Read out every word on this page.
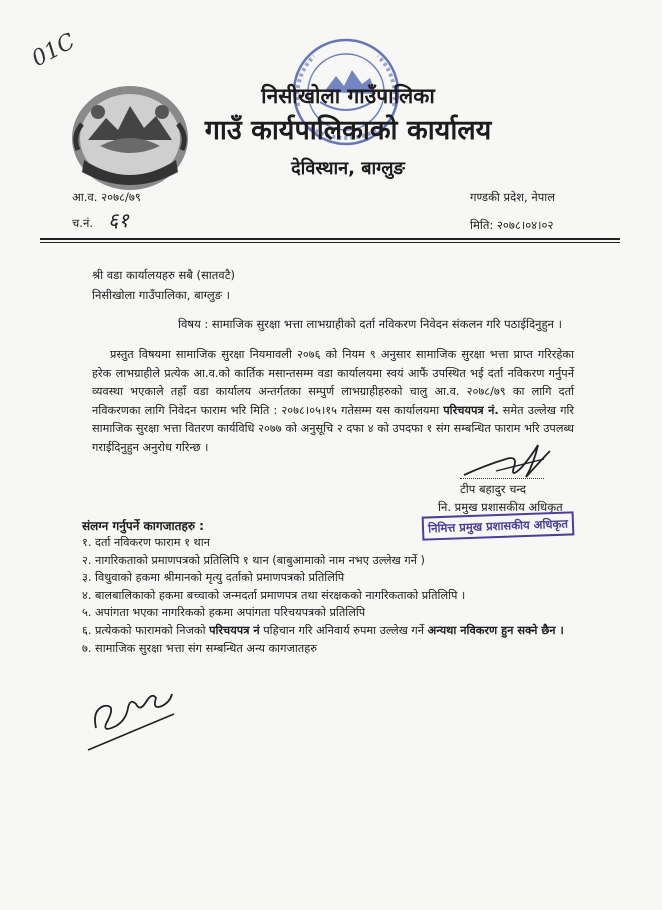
01C
निसीखोला गाउँपालिका
गाउँ कार्यपालिकाको कार्यालय
देविस्थान, बाग्लुङ
आ.व. २०७८/७९	गण्डकी प्रदेश, नेपाल
च.नं. ६१	मिति: २०७८।०४।०२
श्री वडा कार्यालयहरु सबै (सातवटै)
निसीखोला गाउँपालिका, बाग्लुङ ।
विषय : सामाजिक सुरक्षा भत्ता लाभग्राहीको दर्ता नविकरण निवेदन संकलन गरि पठाईदिनुहुन ।
प्रस्तुत विषयमा सामाजिक सुरक्षा नियमावली २०७६ को नियम ९ अनुसार सामाजिक सुरक्षा भत्ता प्राप्त गरिरहेका हरेक लाभग्राहीले प्रत्येक आ.व.को कार्तिक मसान्तसम्म वडा कार्यालयमा स्वयं आफैं उपस्थित भई दर्ता नविकरण गर्नुपर्ने व्यवस्था भएकाले तहाँ वडा कार्यालय अन्तर्गतका सम्पुर्ण लाभग्राहीहरुको चालु आ.व. २०७८/७९ का लागि दर्ता नविकरणका लागि निवेदन फाराम भरि मिति : २०७८।०५।१५ गतेसम्म यस कार्यालयमा परिचयपत्र नं. समेत उल्लेख गरि सामाजिक सुरक्षा भत्ता वितरण कार्यविधि २०७७ को अनुसूचि २ दफा ४ को उपदफा १ संग सम्बन्धित फाराम भरि उपलब्ध गराईदिनुहुन अनुरोध गरिन्छ ।
टीप बहादुर चन्द
नि. प्रमुख प्रशासकीय अधिकृत
निमित्त प्रमुख प्रशासकीय अधिकृत
संलग्न गर्नुपर्ने कागजातहरु :
१. दर्ता नविकरण फाराम १ थान
२. नागरिकताको प्रमाणपत्रको प्रतिलिपि १ थान (बाबुआमाको नाम नभए उल्लेख गर्ने )
३. विधुवाको हकमा श्रीमानको मृत्यु दर्ताको प्रमाणपत्रको प्रतिलिपि
४. बालबालिकाको हकमा बच्चाको जन्मदर्ता प्रमाणपत्र तथा संरक्षकको नागरिकताको प्रतिलिपि ।
५. अपांगता भएका नागरिकको हकमा अपांगता परिचयपत्रको प्रतिलिपि
६. प्रत्येकको फारामको निजको परिचयपत्र नं पहिचान गरि अनिवार्य रुपमा उल्लेख गर्ने अन्यथा नविकरण हुन सक्ने छैन ।
७. सामाजिक सुरक्षा भत्ता संग सम्बन्धित अन्य कागजातहरु
